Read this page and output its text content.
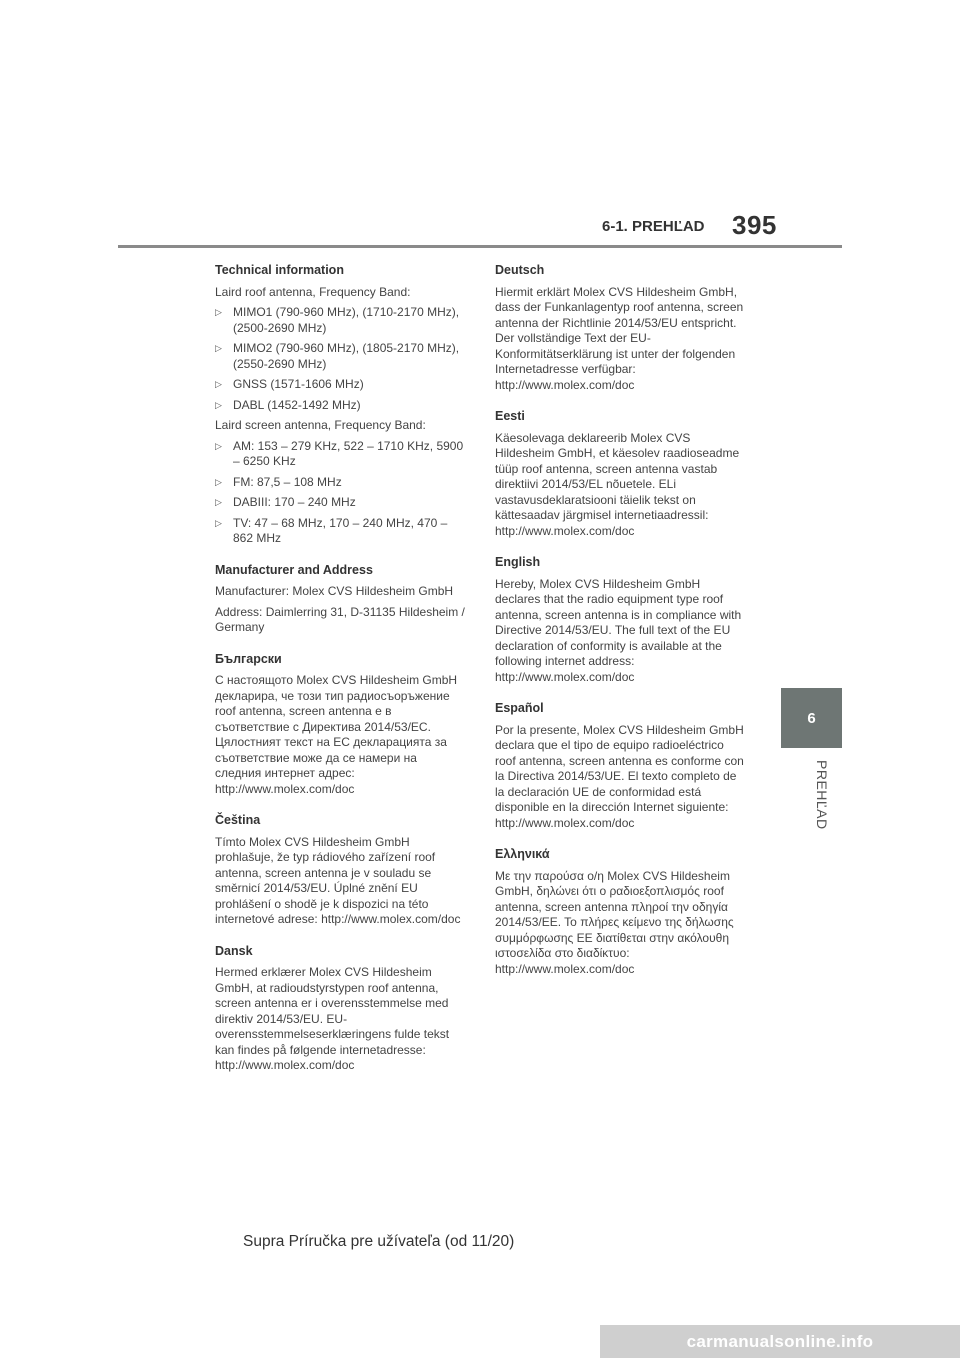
6-1. PREHĽAD 395
6
PREHĽAD
Technical information
Laird roof antenna, Frequency Band:
▷ MIMO1 (790-960 MHz), (1710-2170 MHz), (2500-2690 MHz)
▷ MIMO2 (790-960 MHz), (1805-2170 MHz), (2550-2690 MHz)
▷ GNSS (1571-1606 MHz)
▷ DABL (1452-1492 MHz)
Laird screen antenna, Frequency Band:
▷ AM: 153 – 279 KHz, 522 – 1710 KHz, 5900 – 6250 KHz
▷ FM: 87,5 – 108 MHz
▷ DABIII: 170 – 240 MHz
▷ TV: 47 – 68 MHz, 170 – 240 MHz, 470 – 862 MHz
Manufacturer and Address
Manufacturer: Molex CVS Hildesheim GmbH
Address: Daimlerring 31, D-31135 Hildesheim / Germany
Български
С настоящото Molex CVS Hildesheim GmbH декларира, че този тип радиосъоръжение roof antenna, screen antenna е в съответствие с Директива 2014/53/ЕС. Цялостният текст на ЕС декларацията за съответствие може да се намери на следния интернет адрес: http://www.molex.com/doc
Čeština
Tímto Molex CVS Hildesheim GmbH prohlašuje, že typ rádiového zařízení roof antenna, screen antenna je v souladu se směrnicí 2014/53/EU. Úplné znění EU prohlášení o shodě je k dispozici na této internetové adrese: http://www.molex.com/doc
Dansk
Hermed erklærer Molex CVS Hildesheim GmbH, at radioudstyrstypen roof antenna, screen antenna er i overensstemmelse med direktiv 2014/53/EU. EU-overensstemmelseserklæringens fulde tekst kan findes på følgende internetadresse: http://www.molex.com/doc
Deutsch
Hiermit erklärt Molex CVS Hildesheim GmbH, dass der Funkanlagentyp roof antenna, screen antenna der Richtlinie 2014/53/EU entspricht. Der vollständige Text der EU-Konformitätserklärung ist unter der folgenden Internetadresse verfügbar: http://www.molex.com/doc
Eesti
Käesolevaga deklareerib Molex CVS Hildesheim GmbH, et käesolev raadioseadme tüüp roof antenna, screen antenna vastab direktiivi 2014/53/EL nõuetele. ELi vastavusdeklaratsiooni täielik tekst on kättesaadav järgmisel internetiaadressil: http://www.molex.com/doc
English
Hereby, Molex CVS Hildesheim GmbH declares that the radio equipment type roof antenna, screen antenna is in compliance with Directive 2014/53/EU. The full text of the EU declaration of conformity is available at the following internet address: http://www.molex.com/doc
Español
Por la presente, Molex CVS Hildesheim GmbH declara que el tipo de equipo radioeléctrico roof antenna, screen antenna es conforme con la Directiva 2014/53/UE. El texto completo de la declaración UE de conformidad está disponible en la dirección Internet siguiente: http://www.molex.com/doc
Ελληνικά
Με την παρούσα ο/η Molex CVS Hildesheim GmbH, δηλώνει ότι ο ραδιοεξοπλισμός roof antenna, screen antenna πληροί την οδηγία 2014/53/ΕΕ. Το πλήρες κείμενο της δήλωσης συμμόρφωσης ΕΕ διατίθεται στην ακόλουθη ιστοσελίδα στο διαδίκτυο: http://www.molex.com/doc
Supra Príručka pre užívateľa (od 11/20)
carmanualsonline.info
